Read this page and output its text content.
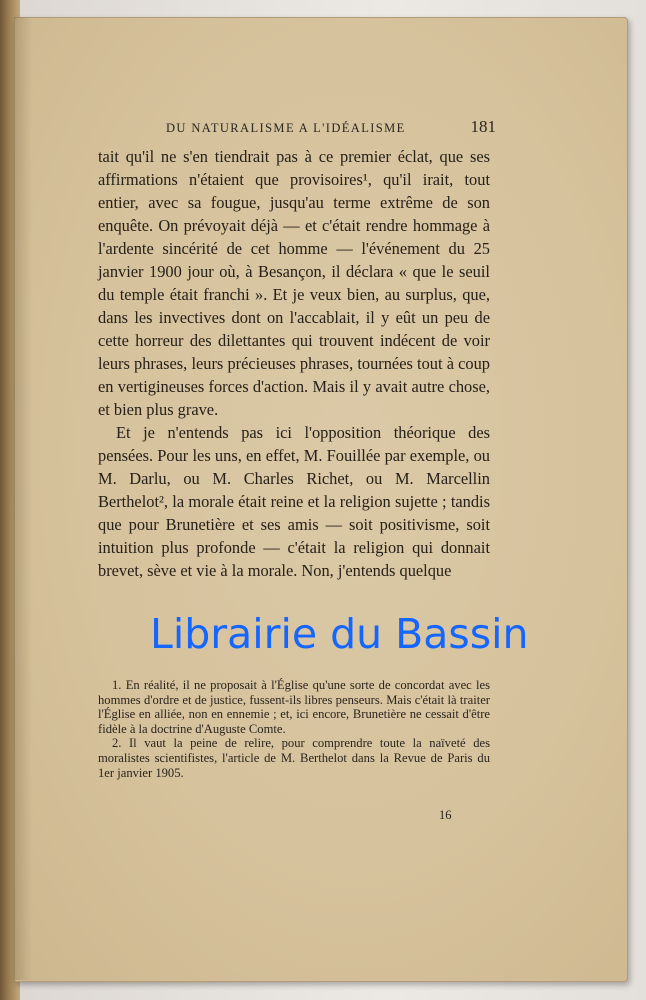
DU NATURALISME A L'IDÉALISME	181

tait qu'il ne s'en tiendrait pas à ce premier éclat, que ses affirmations n'étaient que provisoires¹, qu'il irait, tout entier, avec sa fougue, jusqu'au terme extrême de son enquête. On prévoyait déjà — et c'était rendre hommage à l'ardente sincérité de cet homme — l'événement du 25 janvier 1900 jour où, à Besançon, il déclara « que le seuil du temple était franchi ». Et je veux bien, au surplus, que, dans les invectives dont on l'accablait, il y eût un peu de cette horreur des dilettantes qui trouvent indécent de voir leurs phrases, leurs précieuses phrases, tournées tout à coup en vertigineuses forces d'action. Mais il y avait autre chose, et bien plus grave.

Et je n'entends pas ici l'opposition théorique des pensées. Pour les uns, en effet, M. Fouillée par exemple, ou M. Darlu, ou M. Charles Richet, ou M. Marcellin Berthelot², la morale était reine et la religion sujette ; tandis que pour Brunetière et ses amis — soit positivisme, soit intuition plus profonde — c'était la religion qui donnait brevet, sève et vie à la morale. Non, j'entends quelque

1. En réalité, il ne proposait à l'Église qu'une sorte de concordat avec les hommes d'ordre et de justice, fussent-ils libres penseurs. Mais c'était là traiter l'Église en alliée, non en ennemie ; et, ici encore, Brunetière ne cessait d'être fidèle à la doctrine d'Auguste Comte.

2. Il vaut la peine de relire, pour comprendre toute la naïveté des moralistes scientifistes, l'article de M. Berthelot dans la Revue de Paris du 1er janvier 1905.

16
Librairie du Bassin
